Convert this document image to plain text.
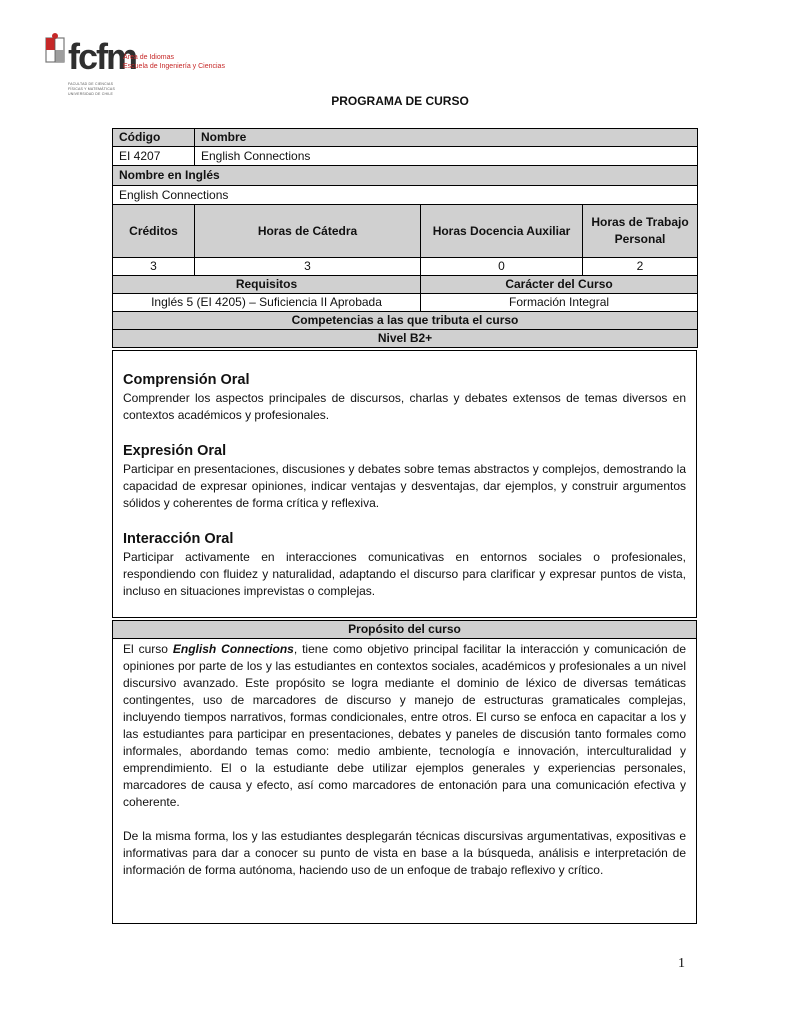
fcfm
Área de Idiomas
Escuela de Ingeniería y Ciencias
FACULTAD DE CIENCIAS
FÍSICAS Y MATEMÁTICAS
UNIVERSIDAD DE CHILE	PROGRAMA DE CURSO
Código	Nombre		
EI 4207	English Connections		
Nombre en Inglés			
English Connections			
Créditos	Horas de Cátedra	Horas Docencia Auxiliar	Horas de Trabajo Personal
3	3	0	2
Requisitos		Carácter del Curso	
Inglés 5 (EI 4205) – Suficiencia II Aprobada		Formación Integral	
Competencias a las que tributa el curso			
Nivel B2+			
Comprensión Oral

Comprender los aspectos principales de discursos, charlas y debates extensos de temas diversos en contextos académicos y profesionales.

Expresión Oral

Participar en presentaciones, discusiones y debates sobre temas abstractos y complejos, demostrando la capacidad de expresar opiniones, indicar ventajas y desventajas, dar ejemplos, y construir argumentos sólidos y coherentes de forma crítica y reflexiva.

Interacción Oral

Participar activamente en interacciones comunicativas en entornos sociales o profesionales, respondiendo con fluidez y naturalidad, adaptando el discurso para clarificar y expresar puntos de vista, incluso en situaciones imprevistas o complejas.

Propósito del curso

El curso English Connections, tiene como objetivo principal facilitar la interacción y comunicación de opiniones por parte de los y las estudiantes en contextos sociales, académicos y profesionales a un nivel discursivo avanzado. Este propósito se logra mediante el dominio de léxico de diversas temáticas contingentes, uso de marcadores de discurso y manejo de estructuras gramaticales complejas, incluyendo tiempos narrativos, formas condicionales, entre otros. El curso se enfoca en capacitar a los y las estudiantes para participar en presentaciones, debates y paneles de discusión tanto formales como informales, abordando temas como: medio ambiente, tecnología e innovación, interculturalidad y emprendimiento. El o la estudiante debe utilizar ejemplos generales y experiencias personales, marcadores de causa y efecto, así como marcadores de entonación para una comunicación efectiva y coherente.

De la misma forma, los y las estudiantes desplegarán técnicas discursivas argumentativas, expositivas e informativas para dar a conocer su punto de vista en base a la búsqueda, análisis e interpretación de información de forma autónoma, haciendo uso de un enfoque de trabajo reflexivo y crítico.

1
